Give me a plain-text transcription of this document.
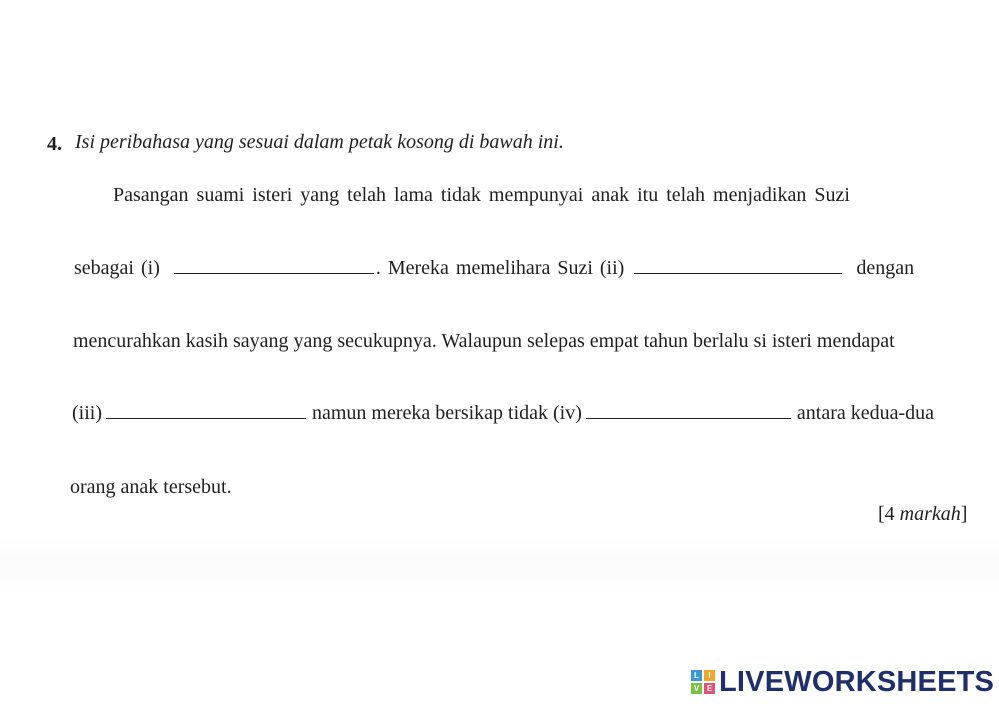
4. Isi peribahasa yang sesuai dalam petak kosong di bawah ini.
Pasangan suami isteri yang telah lama tidak mempunyai anak itu telah menjadikan Suzi
sebagai (i)	. Mereka memelihara Suzi (ii)	dengan
mencurahkan kasih sayang yang secukupnya. Walaupun selepas empat tahun berlalu si isteri mendapat
(iii)	namun mereka bersikap tidak (iv)	antara kedua-dua
orang anak tersebut.
[4 markah]
L	I
V E LIVEWORKSHEETS
